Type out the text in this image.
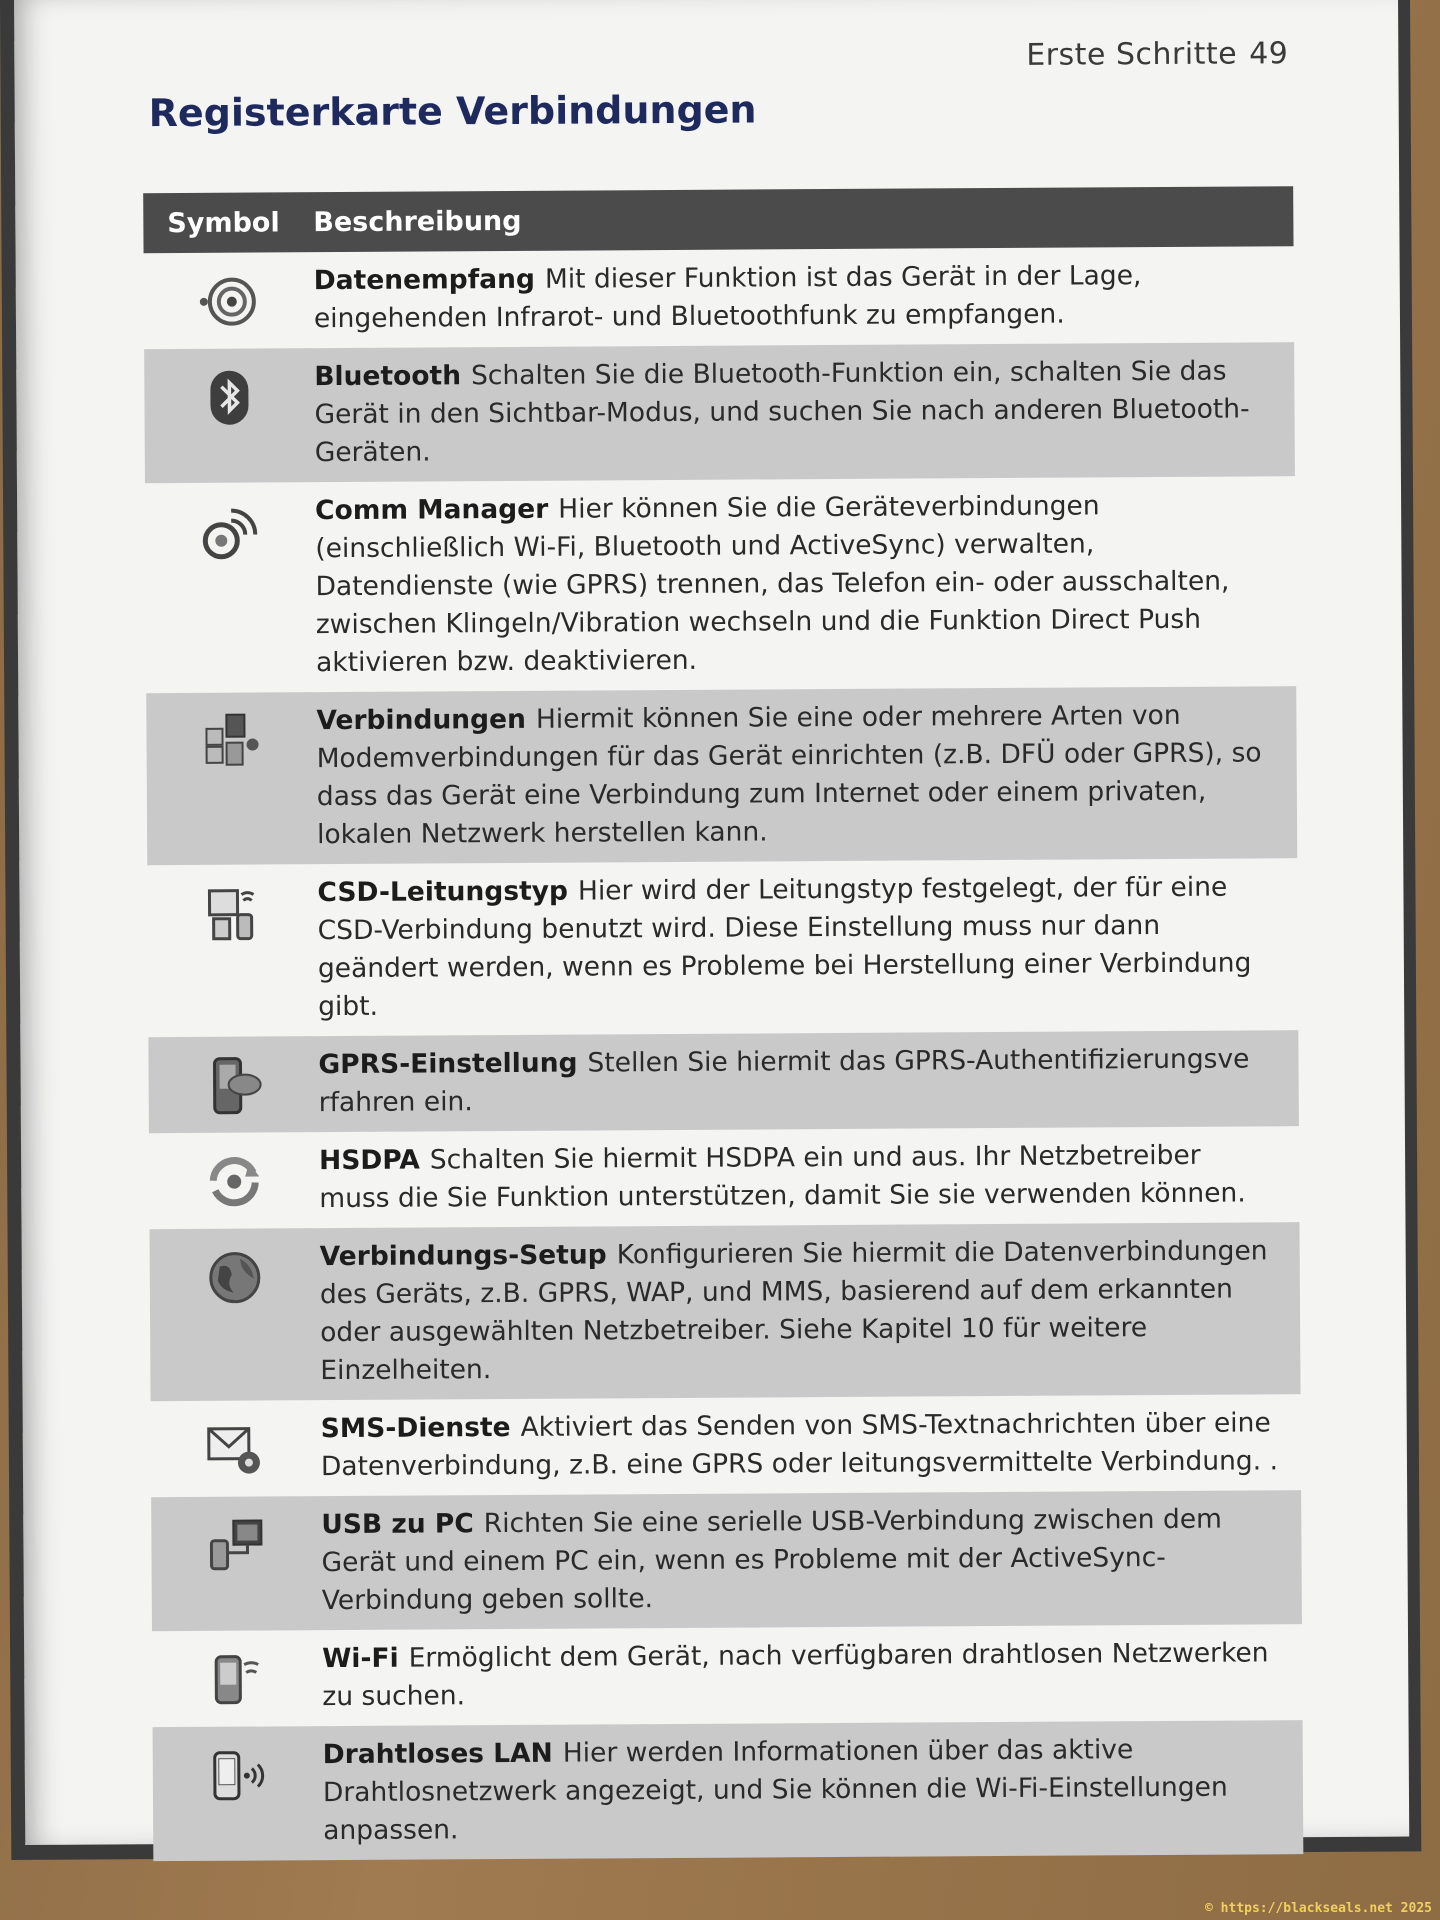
Erste Schritte 49
Registerkarte Verbindungen
Symbol	Beschreibung
Datenempfang Mit dieser Funktion ist das Gerät in der Lage, eingehenden Infrarot- und Bluetoothfunk zu empfangen.
Bluetooth Schalten Sie die Bluetooth-Funktion ein, schalten Sie das Gerät in den Sichtbar-Modus, und suchen Sie nach anderen Bluetooth-Geräten.
Comm Manager Hier können Sie die Geräteverbindungen (einschließlich Wi-Fi, Bluetooth und ActiveSync) verwalten, Datendienste (wie GPRS) trennen, das Telefon ein- oder ausschalten, zwischen Klingeln/Vibration wechseln und die Funktion Direct Push aktivieren bzw. deaktivieren.
Verbindungen Hiermit können Sie eine oder mehrere Arten von Modemverbindungen für das Gerät einrichten (z.B. DFÜ oder GPRS), so dass das Gerät eine Verbindung zum Internet oder einem privaten, lokalen Netzwerk herstellen kann.
CSD-Leitungstyp Hier wird der Leitungstyp festgelegt, der für eine CSD-Verbindung benutzt wird. Diese Einstellung muss nur dann geändert werden, wenn es Probleme bei Herstellung einer Verbindung gibt.
GPRS-Einstellung Stellen Sie hiermit das GPRS-Authentifizierungsve rfahren ein.
HSDPA Schalten Sie hiermit HSDPA ein und aus. Ihr Netzbetreiber muss die Sie Funktion unterstützen, damit Sie sie verwenden können.
Verbindungs-Setup Konfigurieren Sie hiermit die Datenverbindungen des Geräts, z.B. GPRS, WAP, und MMS, basierend auf dem erkannten oder ausgewählten Netzbetreiber. Siehe Kapitel 10 für weitere Einzelheiten.
SMS-Dienste Aktiviert das Senden von SMS-Textnachrichten über eine Datenverbindung, z.B. eine GPRS oder leitungsvermittelte Verbindung. .
USB zu PC Richten Sie eine serielle USB-Verbindung zwischen dem Gerät und einem PC ein, wenn es Probleme mit der ActiveSync-Verbindung geben sollte.
Wi-Fi Ermöglicht dem Gerät, nach verfügbaren drahtlosen Netzwerken zu suchen.
Drahtloses LAN Hier werden Informationen über das aktive Drahtlosnetzwerk angezeigt, und Sie können die Wi-Fi-Einstellungen anpassen.
© https://blackseals.net 2025
